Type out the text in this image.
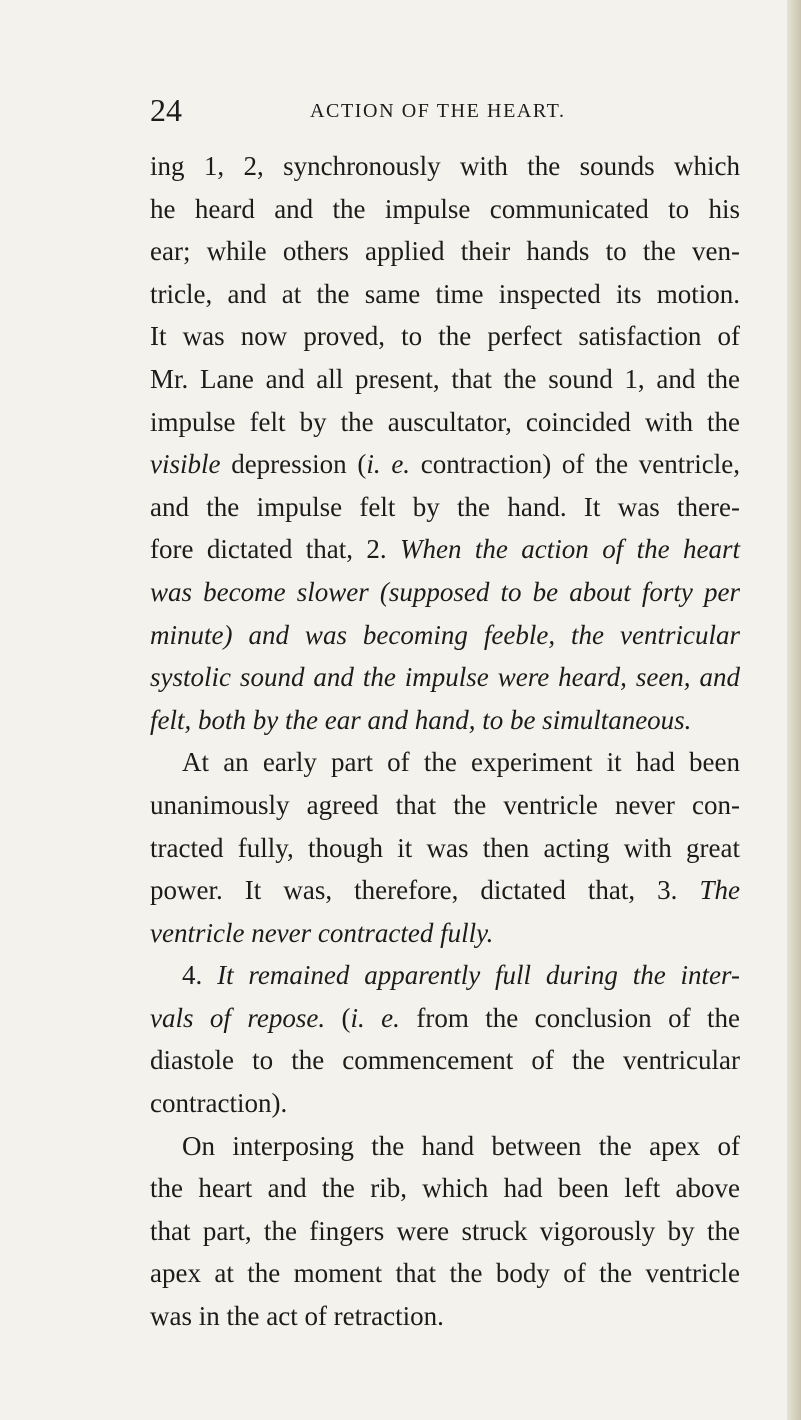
24	ACTION OF THE HEART.
ing 1, 2, synchronously with the sounds which
he heard and the impulse communicated to his
ear; while others applied their hands to the ven-
tricle, and at the same time inspected its motion.
It was now proved, to the perfect satisfaction of
Mr. Lane and all present, that the sound 1, and the
impulse felt by the auscultator, coincided with the
visible depression (i. e. contraction) of the ventricle,
and the impulse felt by the hand. It was there-
fore dictated that, 2. When the action of the heart
was become slower (supposed to be about forty per
minute) and was becoming feeble, the ventricular
systolic sound and the impulse were heard, seen, and
felt, both by the ear and hand, to be simultaneous.
At an early part of the experiment it had been
unanimously agreed that the ventricle never con-
tracted fully, though it was then acting with great
power. It was, therefore, dictated that, 3. The
ventricle never contracted fully.
4. It remained apparently full during the inter-
vals of repose. (i. e. from the conclusion of the
diastole to the commencement of the ventricular
contraction).
On interposing the hand between the apex of
the heart and the rib, which had been left above
that part, the fingers were struck vigorously by the
apex at the moment that the body of the ventricle
was in the act of retraction.
